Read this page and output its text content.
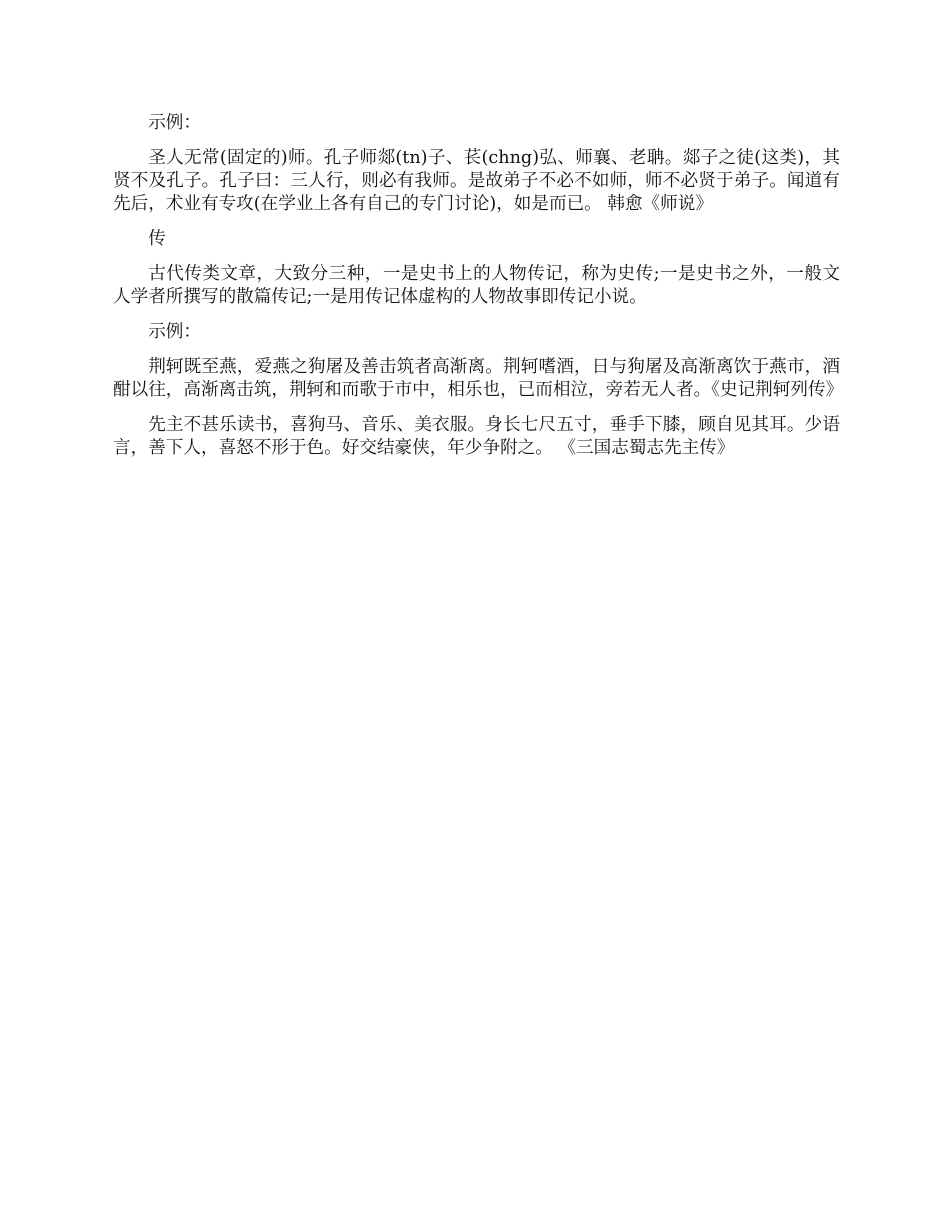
示例：

圣人无常(固定的)师。孔子师郯(tn)子、苌(chng)弘、师襄、老聃。郯子之徒(这类)，其贤不及孔子。孔子曰：三人行，则必有我师。是故弟子不必不如师，师不必贤于弟子。闻道有先后，术业有专攻(在学业上各有自己的专门讨论)，如是而已。 韩愈《师说》

传

古代传类文章，大致分三种，一是史书上的人物传记，称为史传;一是史书之外，一般文人学者所撰写的散篇传记;一是用传记体虚构的人物故事即传记小说。

示例：

荆轲既至燕，爱燕之狗屠及善击筑者高渐离。荆轲嗜酒，日与狗屠及高渐离饮于燕市，酒酣以往，高渐离击筑，荆轲和而歌于市中，相乐也，已而相泣，旁若无人者。《史记荆轲列传》

先主不甚乐读书，喜狗马、音乐、美衣服。身长七尺五寸，垂手下膝，顾自见其耳。少语言，善下人，喜怒不形于色。好交结豪侠，年少争附之。 《三国志蜀志先主传》
